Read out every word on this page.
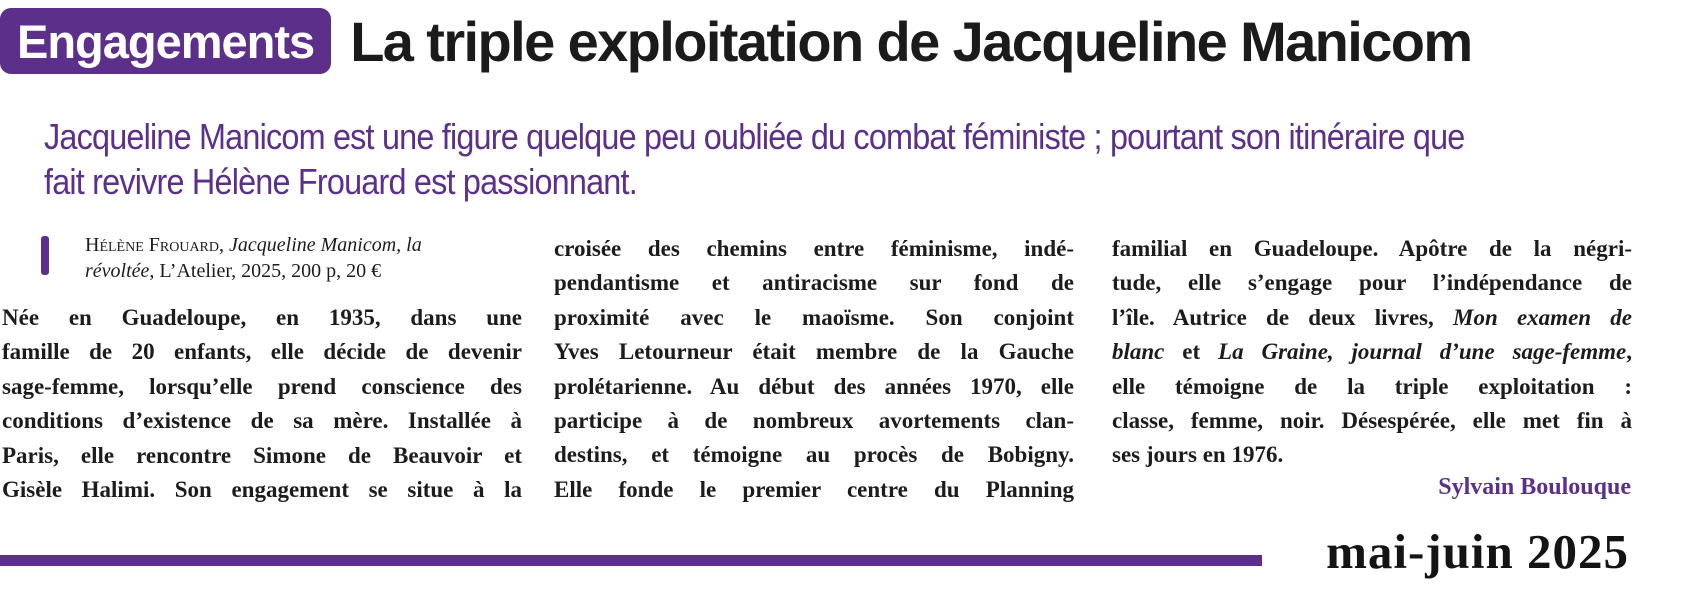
Engagements La triple exploitation de Jacqueline Manicom

Jacqueline Manicom est une figure quelque peu oubliée du combat féministe ; pourtant son itinéraire que
fait revivre Hélène Frouard est passionnant.

Hélène Frouard, Jacqueline Manicom, la
révoltée, L’Atelier, 2025, 200 p, 20 €
Née en Guadeloupe, en 1935, dans une
famille de 20 enfants, elle décide de devenir
sage-femme, lorsqu’elle prend conscience des
conditions d’existence de sa mère. Installée à
Paris, elle rencontre Simone de Beauvoir et
Gisèle Halimi. Son engagement se situe à la
croisée des chemins entre féminisme, indé-
pendantisme et antiracisme sur fond de
proximité avec le maoïsme. Son conjoint
Yves Letourneur était membre de la Gauche
prolétarienne. Au début des années 1970, elle
participe à de nombreux avortements clan-
destins, et témoigne au procès de Bobigny.
Elle fonde le premier centre du Planning
familial en Guadeloupe. Apôtre de la négri-
tude, elle s’engage pour l’indépendance de
l’île. Autrice de deux livres, Mon examen de
blanc et La Graine, journal d’une sage-femme,
elle témoigne de la triple exploitation :
classe, femme, noir. Désespérée, elle met fin à
ses jours en 1976.
Sylvain Boulouque
mai-juin 2025
